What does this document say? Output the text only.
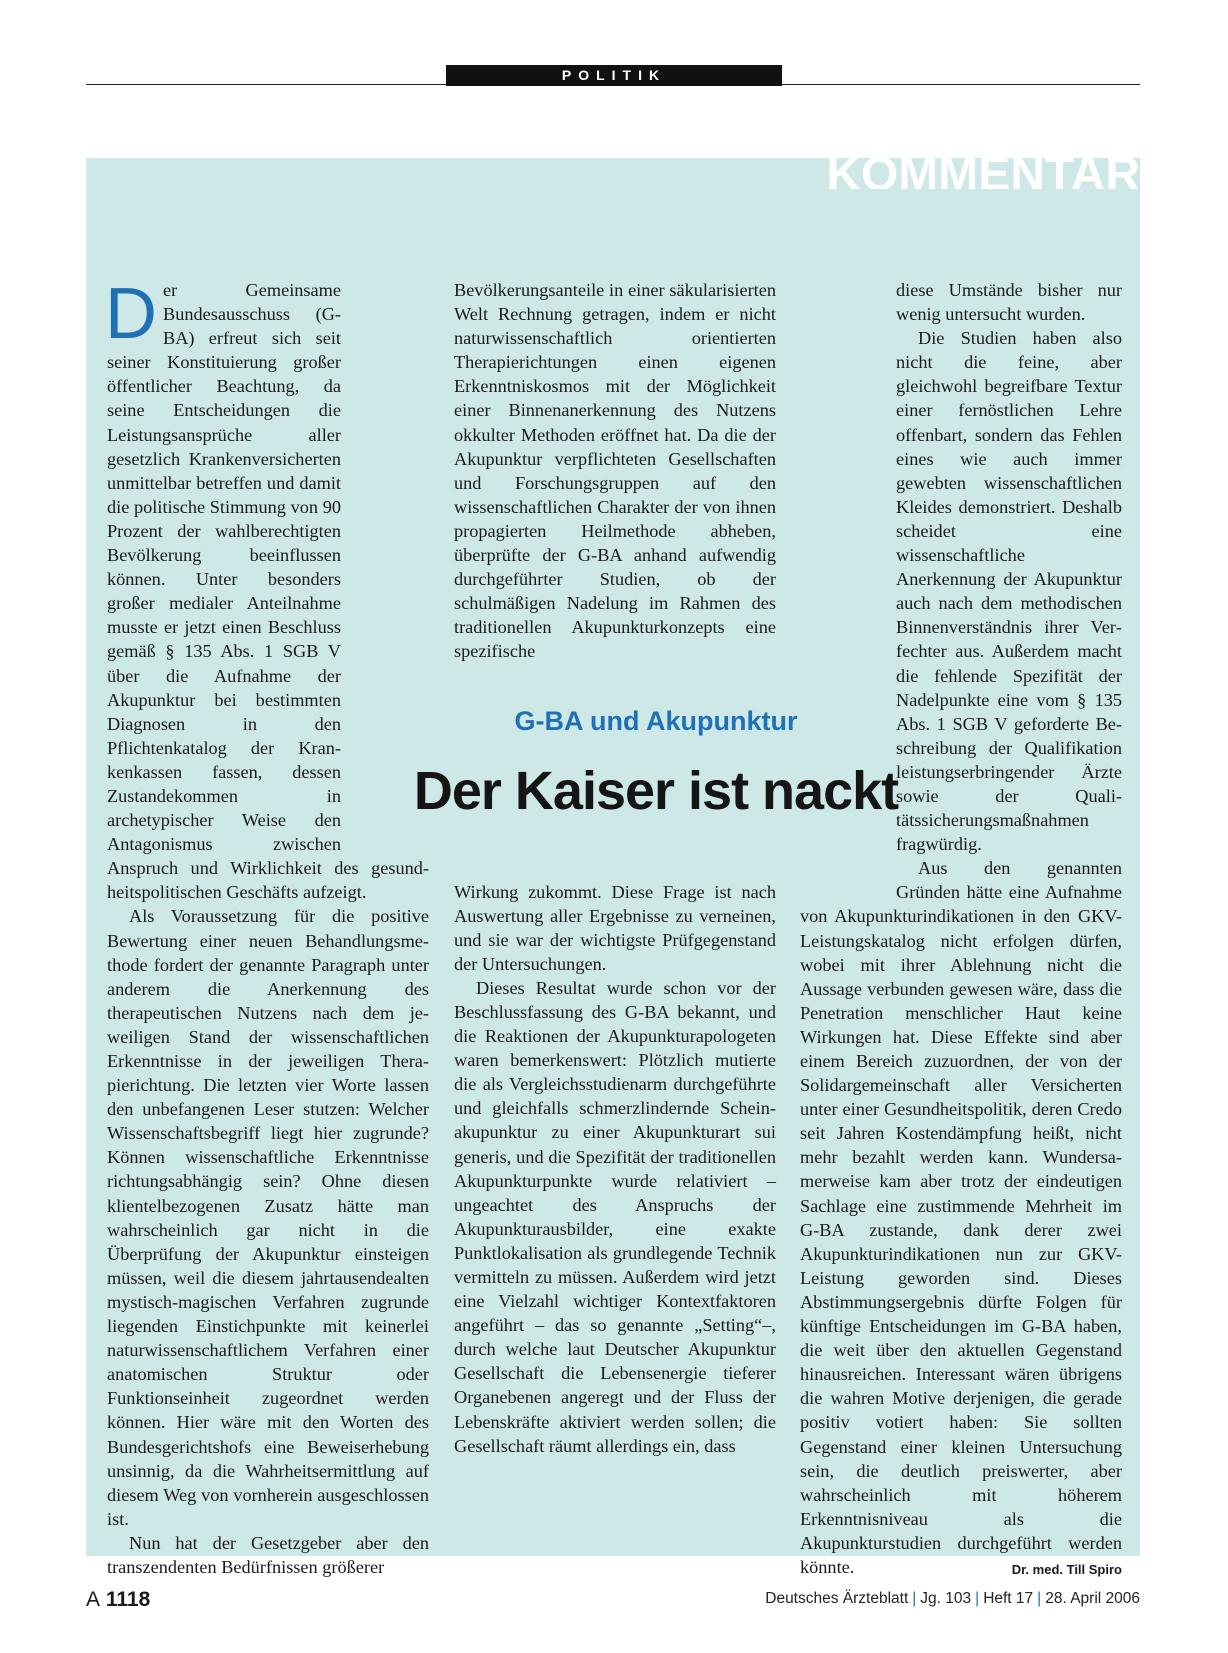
POLITIK
KOMMENTAR

Der Gemeinsame Bundesausschuss (G-BA) erfreut sich seit seiner Konstituierung großer öffentlicher Beachtung, da seine Entscheidungen die Leistungsansprüche aller gesetzlich Krankenversicherten unmittelbar betreffen und damit die politische Stimmung von 90 Prozent der wahlberechtigten Bevölkerung beeinflussen können. Unter besonders großer medialer Anteilnahme musste er jetzt einen Beschluss gemäß § 135 Abs. 1 SGB V über die Aufnahme der Akupunktur bei bestimmten Diagnosen in den Pflichtenkatalog der Krankenkassen fassen, dessen Zustandekommen in archetypischer Weise den Antagonismus zwischen Anspruch und Wirklichkeit des gesundheitspolitischen Geschäfts aufzeigt.

Als Voraussetzung für die positive Bewertung einer neuen Behandlungsmethode fordert der genannte Paragraph unter anderem die Anerkennung des therapeutischen Nutzens nach dem jeweiligen Stand der wissenschaftlichen Erkenntnisse in der jeweiligen Therapierichtung. Die letzten vier Worte lassen den unbefangenen Leser stutzen: Welcher Wissenschaftsbegriff liegt hier zugrunde? Können wissenschaftliche Erkenntnisse richtungsabhängig sein? Ohne diesen klientelbezogenen Zusatz hätte man wahrscheinlich gar nicht in die Überprüfung der Akupunktur einsteigen müssen, weil die diesem jahrtausendealten mystisch-magischen Verfahren zugrunde liegenden Einstichpunkte mit keinerlei naturwissenschaftlichem Verfahren einer anatomischen Struktur oder Funktionseinheit zugeordnet werden können. Hier wäre mit den Worten des Bundesgerichtshofs eine Beweiserhebung unsinnig, da die Wahrheitsermittlung auf diesem Weg von vornherein ausgeschlossen ist.

Nun hat der Gesetzgeber aber den transzendenten Bedürfnissen größerer

Bevölkerungsanteile in einer säkularisierten Welt Rechnung getragen, indem er nicht naturwissenschaftlich orientierten Therapierichtungen einen eigenen Erkenntniskosmos mit der Möglichkeit einer Binnenanerkennung des Nutzens okkulter Methoden eröffnet hat. Da die der Akupunktur verpflichteten Gesellschaften und Forschungsgruppen auf den wissenschaftlichen Charakter der von ihnen propagierten Heilmethode abheben, überprüfte der G-BA anhand aufwendig durchgeführter Studien, ob der schulmäßigen Nadelung im Rahmen des traditionellen Akupunkturkonzepts eine spezifische

Wirkung zukommt. Diese Frage ist nach Auswertung aller Ergebnisse zu verneinen, und sie war der wichtigste Prüfgegenstand der Untersuchungen.

Dieses Resultat wurde schon vor der Beschlussfassung des G-BA bekannt, und die Reaktionen der Akupunkturapologeten waren bemerkenswert: Plötzlich mutierte die als Vergleichsstudienarm durchgeführte und gleichfalls schmerzlindernde Scheinakupunktur zu einer Akupunkturart sui generis, und die Spezifität der traditionellen Akupunkturpunkte wurde relativiert – ungeachtet des Anspruchs der Akupunkturausbilder, eine exakte Punktlokalisation als grundlegende Technik vermitteln zu müssen. Außerdem wird jetzt eine Vielzahl wichtiger Kontextfaktoren angeführt – das so genannte „Setting“–, durch welche laut Deutscher Akupunktur Gesellschaft die Lebensenergie tieferer Organebenen angeregt und der Fluss der Lebenskräfte aktiviert werden sollen; die Gesellschaft räumt allerdings ein, dass

diese Umstände bisher nur wenig untersucht wurden.

Die Studien haben also nicht die feine, aber gleichwohl begreifbare Textur einer fernöstlichen Lehre offenbart, sondern das Fehlen eines wie auch immer gewebten wissenschaftlichen Kleides demonstriert. Deshalb scheidet eine wissenschaftliche Anerkennung der Akupunktur auch nach dem methodischen Binnenverständnis ihrer Verfechter aus. Außerdem macht die fehlende Spezifität der Nadelpunkte eine vom § 135 Abs. 1 SGB V geforderte Beschreibung der Qualifikation leistungserbringender Ärzte sowie der Qualitätssicherungsmaßnahmen fragwürdig.

Aus den genannten Gründen hätte eine Aufnahme von Akupunkturindikationen in den GKV-Leistungskatalog nicht erfolgen dürfen, wobei mit ihrer Ablehnung nicht die Aussage verbunden gewesen wäre, dass die Penetration menschlicher Haut keine Wirkungen hat. Diese Effekte sind aber einem Bereich zuzuordnen, der von der Solidargemeinschaft aller Versicherten unter einer Gesundheitspolitik, deren Credo seit Jahren Kostendämpfung heißt, nicht mehr bezahlt werden kann. Wundersamerweise kam aber trotz der eindeutigen Sachlage eine zustimmende Mehrheit im G-BA zustande, dank derer zwei Akupunkturindikationen nun zur GKV-Leistung geworden sind. Dieses Abstimmungsergebnis dürfte Folgen für künftige Entscheidungen im G-BA haben, die weit über den aktuellen Gegenstand hinausreichen. Interessant wären übrigens die wahren Motive derjenigen, die gerade positiv votiert haben: Sie sollten Gegenstand einer kleinen Untersuchung sein, die deutlich preiswerter, aber wahrscheinlich mit höherem Erkenntnisniveau als die Akupunkturstudien durchgeführt werden könnte.	Dr. med. Till Spiro

G-BA und Akupunktur
Der Kaiser ist nackt
A 1118	Deutsches Ärzteblatt | Jg. 103 | Heft 17 | 28. April 2006
